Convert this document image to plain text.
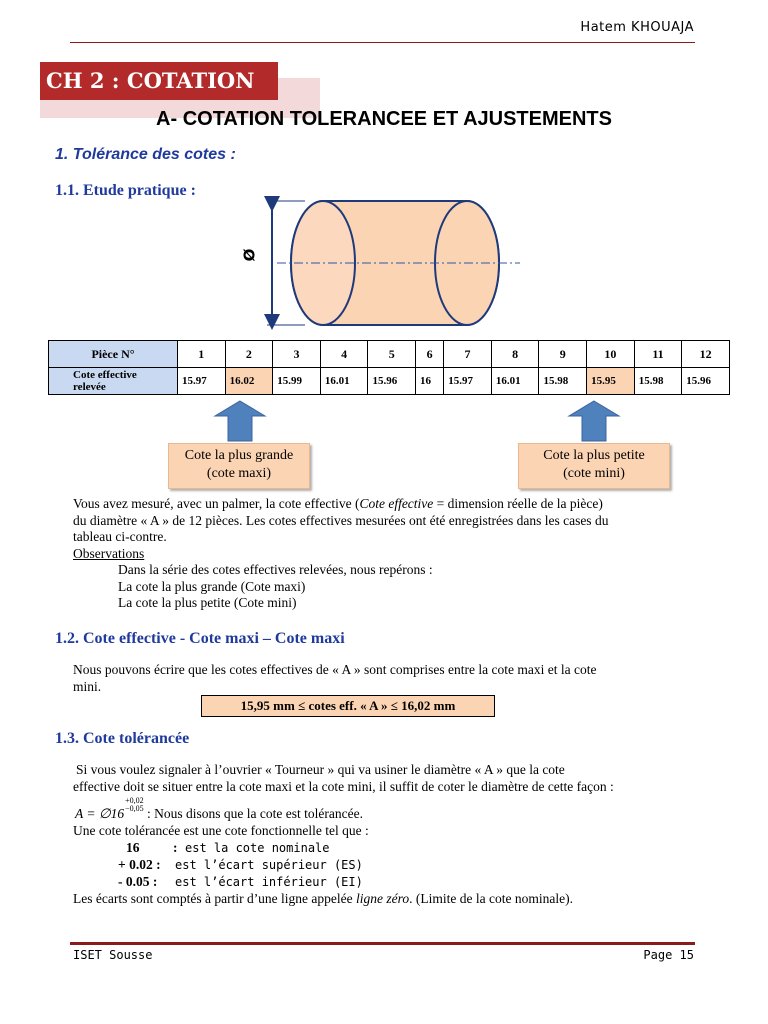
Hatem KHOUAJA
CH 2 : COTATION
A- COTATION TOLERANCEE ET AJUSTEMENTS
1. Tolérance des cotes :
1.1. Etude pratique :
Ø
Pièce N°	1	2	3	4	5	6	7	8	9	10	11	12
Cote effective
relevée	15.97	16.02	15.99	16.01	15.96	16	15.97	16.01	15.98	15.95	15.98	15.96
Cote la plus grande
(cote maxi)
Cote la plus petite
(cote mini)
Vous avez mesuré, avec un palmer, la cote effective (Cote effective = dimension réelle de la pièce)
du diamètre « A » de 12 pièces. Les cotes effectives mesurées ont été enregistrées dans les cases du
tableau ci-contre.
Observations
Dans la série des cotes effectives relevées, nous repérons :
La cote la plus grande (Cote maxi)
La cote la plus petite (Cote mini)
1.2. Cote effective - Cote maxi – Cote maxi
Nous pouvons écrire que les cotes effectives de « A » sont comprises entre la cote maxi et la cote
mini.
15,95 mm ≤ cotes eff. « A » ≤ 16,02 mm
1.3. Cote tolérancée
Si vous voulez signaler à l’ouvrier « Tourneur » qui va usiner le diamètre « A » que la cote
effective doit se situer entre la cote maxi et la cote mini, il suffit de coter le diamètre de cette façon :
A = ∅16
+0,02
−0,05 : Nous disons que la cote est tolérancée.
Une cote tolérancée est une cote fonctionnelle tel que :
16 : est la cote nominale
+ 0.02 : est l’écart supérieur (ES)
- 0.05 : est l’écart inférieur (EI)
Les écarts sont comptés à partir d’une ligne appelée ligne zéro. (Limite de la cote nominale).
ISET Sousse	Page 15
